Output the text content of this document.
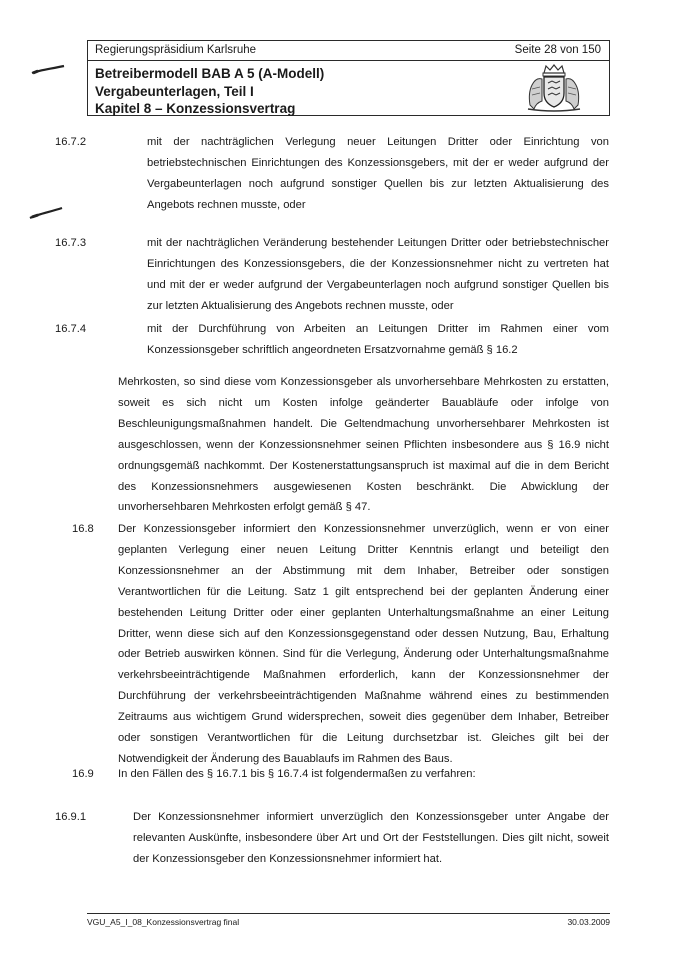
Regierungspräsidium Karlsruhe	Seite 28 von 150
Betreibermodell BAB A 5 (A-Modell)
Vergabeunterlagen, Teil I
Kapitel 8 – Konzessionsvertrag
16.7.2	mit der nachträglichen Verlegung neuer Leitungen Dritter oder Einrichtung von betriebstechnischen Einrichtungen des Konzessionsgebers, mit der er weder aufgrund der Vergabeunterlagen noch aufgrund sonstiger Quellen bis zur letzten Aktualisierung des Angebots rechnen musste, oder
16.7.3	mit der nachträglichen Veränderung bestehender Leitungen Dritter oder betriebstechnischer Einrichtungen des Konzessionsgebers, die der Konzessionsnehmer nicht zu vertreten hat und mit der er weder aufgrund der Vergabeunterlagen noch aufgrund sonstiger Quellen bis zur letzten Aktualisierung des Angebots rechnen musste, oder
16.7.4	mit der Durchführung von Arbeiten an Leitungen Dritter im Rahmen einer vom Konzessionsgeber schriftlich angeordneten Ersatzvornahme gemäß § 16.2
Mehrkosten, so sind diese vom Konzessionsgeber als unvorhersehbare Mehrkosten zu erstatten, soweit es sich nicht um Kosten infolge geänderter Bauabläufe oder infolge von Beschleunigungsmaßnahmen handelt. Die Geltendmachung unvorhersehbarer Mehrkosten ist ausgeschlossen, wenn der Konzessionsnehmer seinen Pflichten insbesondere aus § 16.9 nicht ordnungsgemäß nachkommt. Der Kostenerstattungsanspruch ist maximal auf die in dem Bericht des Konzessionsnehmers ausgewiesenen Kosten beschränkt. Die Abwicklung der unvorhersehbaren Mehrkosten erfolgt gemäß § 47.
16.8 Der Konzessionsgeber informiert den Konzessionsnehmer unverzüglich, wenn er von einer geplanten Verlegung einer neuen Leitung Dritter Kenntnis erlangt und beteiligt den Konzessionsnehmer an der Abstimmung mit dem Inhaber, Betreiber oder sonstigen Verantwortlichen für die Leitung. Satz 1 gilt entsprechend bei der geplanten Änderung einer bestehenden Leitung Dritter oder einer geplanten Unterhaltungsmaßnahme an einer Leitung Dritter, wenn diese sich auf den Konzessionsgegenstand oder dessen Nutzung, Bau, Erhaltung oder Betrieb auswirken können. Sind für die Verlegung, Änderung oder Unterhaltungsmaßnahme verkehrsbeeinträchtigende Maßnahmen erforderlich, kann der Konzessionsnehmer der Durchführung der verkehrsbeeinträchtigenden Maßnahme während eines zu bestimmenden Zeitraums aus wichtigem Grund widersprechen, soweit dies gegenüber dem Inhaber, Betreiber oder sonstigen Verantwortlichen für die Leitung durchsetzbar ist. Gleiches gilt bei der Notwendigkeit der Änderung des Bauablaufs im Rahmen des Baus.
16.9 In den Fällen des § 16.7.1 bis § 16.7.4 ist folgendermaßen zu verfahren:
16.9.1	Der Konzessionsnehmer informiert unverzüglich den Konzessionsgeber unter Angabe der relevanten Auskünfte, insbesondere über Art und Ort der Feststellungen. Dies gilt nicht, soweit der Konzessionsgeber den Konzessionsnehmer informiert hat.
VGU_A5_I_08_Konzessionsvertrag final	30.03.2009
